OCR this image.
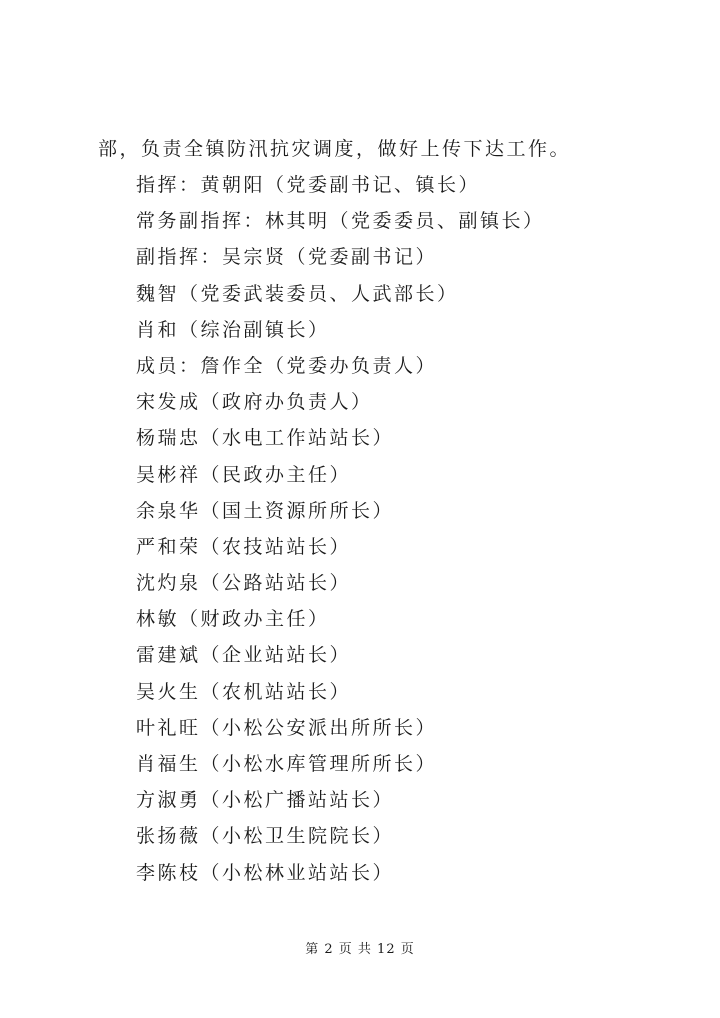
部，负责全镇防汛抗灾调度，做好上传下达工作。
指挥：黄朝阳（党委副书记、镇长）
常务副指挥：林其明（党委委员、副镇长）
副指挥：吴宗贤（党委副书记）
魏智（党委武装委员、人武部长）
肖和（综治副镇长）
成员：詹作全（党委办负责人）
宋发成（政府办负责人）
杨瑞忠（水电工作站站长）
吴彬祥（民政办主任）
余泉华（国土资源所所长）
严和荣（农技站站长）
沈灼泉（公路站站长）
林敏（财政办主任）
雷建斌（企业站站长）
吴火生（农机站站长）
叶礼旺（小松公安派出所所长）
肖福生（小松水库管理所所长）
方淑勇（小松广播站站长）
张扬薇（小松卫生院院长）
李陈枝（小松林业站站长）
第 2 页 共 12 页
